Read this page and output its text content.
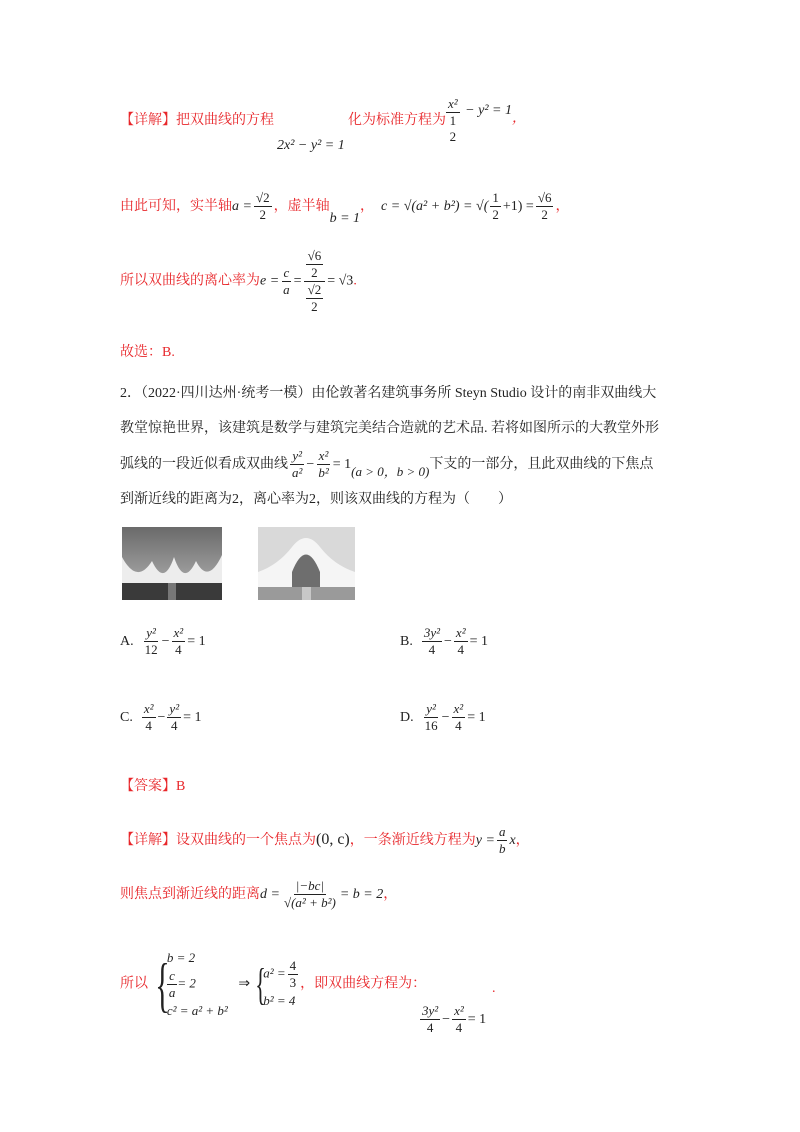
【详解】把双曲线的方程
2x² − y² = 1
化为标准方程为
x²
1
2
− y² = 1，
由此可知，实半轴$a = \frac{√2}{2}$ ，虚半轴b = 1， c = √(a² + b²) = √( $\frac{1}{2} +1) = \frac{√6}{2}$ ，
所以双曲线的离心率为$e = \frac{c}{a} = \frac{\frac{√6}{2}}{\frac{√2}{2}} = √3$.
故选：B.
2．（2022·四川达州·统考一模）由伦敦著名建筑事务所 Steyn Studio 设计的南非双曲线大
教堂惊艳世界，该建筑是数学与建筑完美结合造就的艺术品. 若将如图所示的大教堂外形
弧线的一段近似看成双曲线 $\frac{\text{y²}}{\text{a²}} - \frac{\text{x²}}{\text{b²}} = 1(a > 0$，b > 0)下支的一部分，且此双曲线的下焦点
到渐近线的距离为2，离心率为2，则该双曲线的方程为（　　）
A. $\frac{\text{y²}}{12} - \frac{\text{x²}}{4} = 1$	B. $\frac{\text{3y²}}{4} - \frac{\text{x²}}{4} = 1$
C. $\frac{\text{x²}}{4} - \frac{\text{y²}}{4} = 1$	D. $\frac{\text{y²}}{16} - \frac{\text{x²}}{4} = 1$
【答案】B
【详解】设双曲线的一个焦点为(0, c)，一条渐近线方程为$y = \frac{a}{b}$ x，
则焦点到渐近线的距离$d = \frac{|-bc|}{\text{√(a² + b²)}} = b = 2$，
所以 {
b = 2
$\frac{c}{a} = 2$
c² = a² + b²
⇒ {
$a^2 = \frac{4}{3}$
b² = 4
，即双曲线方程为：
$\frac{\text{3y²}}{4} - \frac{\text{x²}}{4} = 1$
.
